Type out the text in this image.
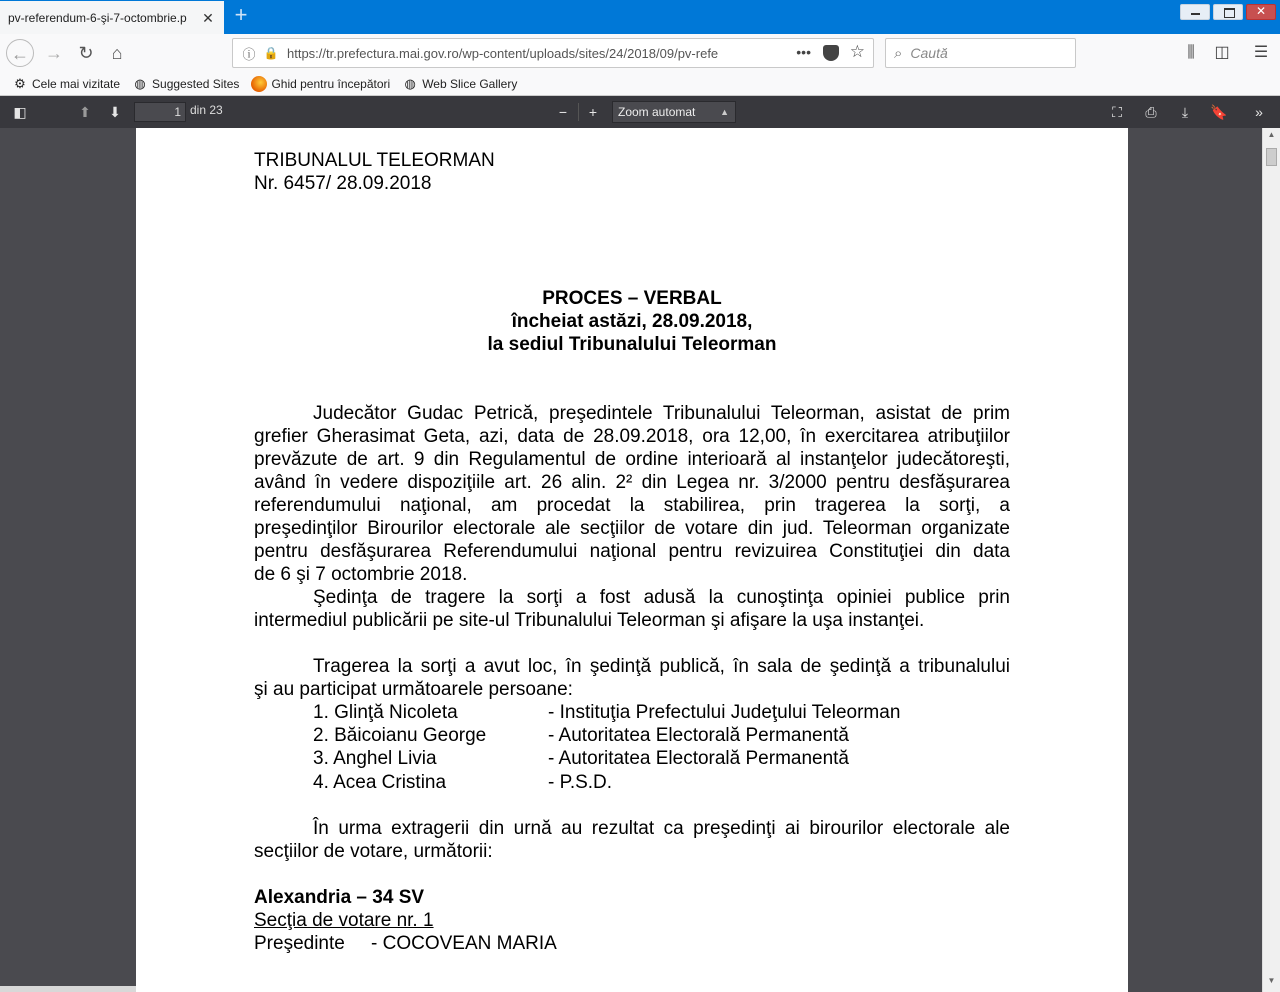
pv-referendum-6-şi-7-octombrie.p	✕ +
✕
← → ↻	⌂	ⓘ 🔒 https://tr.prefectura.mai.gov.ro/wp-content/uploads/sites/24/2018/09/pv-refe	••• ☆ ⌕ Caută	⫼	◫ ☰
⚙ Cele mai vizitate ◍ Suggested Sites	Ghid pentru începători ◍ Web Slice Gallery
◧	⬆	⬇	1 din 23	−	+	Zoom automat	▲	⛶	⎙	⤓	🔖	»
TRIBUNALUL TELEORMAN
Nr. 6457/ 28.09.2018
PROCES – VERBAL
încheiat astăzi, 28.09.2018,
la sediul Tribunalului Teleorman
Judecător Gudac Petrică, preşedintele Tribunalului Teleorman, asistat de prim
grefier Gherasimat Geta, azi, data de 28.09.2018, ora 12,00, în exercitarea atribuţiilor
prevăzute de art. 9 din Regulamentul de ordine interioară al instanţelor judecătoreşti,
având în vedere dispoziţiile art. 26 alin. 2² din Legea nr. 3/2000 pentru desfăşurarea
referendumului naţional, am procedat la stabilirea, prin tragerea la sorţi, a
preşedinţilor Birourilor electorale ale secţiilor de votare din jud. Teleorman organizate
pentru desfăşurarea Referendumului naţional pentru revizuirea Constituţiei din data
de 6 şi 7 octombrie 2018.
Şedinţa de tragere la sorţi a fost adusă la cunoştinţa opiniei publice prin
intermediul publicării pe site-ul Tribunalului Teleorman şi afişare la uşa instanţei.
Tragerea la sorţi a avut loc, în şedinţă publică, în sala de şedinţă a tribunalului
şi au participat următoarele persoane:
1. Glinţă Nicoleta	- Instituţia Prefectului Judeţului Teleorman
2. Băicoianu George	- Autoritatea Electorală Permanentă
3. Anghel Livia	- Autoritatea Electorală Permanentă
4. Acea Cristina	- P.S.D.
În urma extragerii din urnă au rezultat ca preşedinţi ai birourilor electorale ale
secţiilor de votare, următorii:
Alexandria – 34 SV
Secţia de votare nr. 1
Preşedinte - COCOVEAN MARIA
▲
▼
